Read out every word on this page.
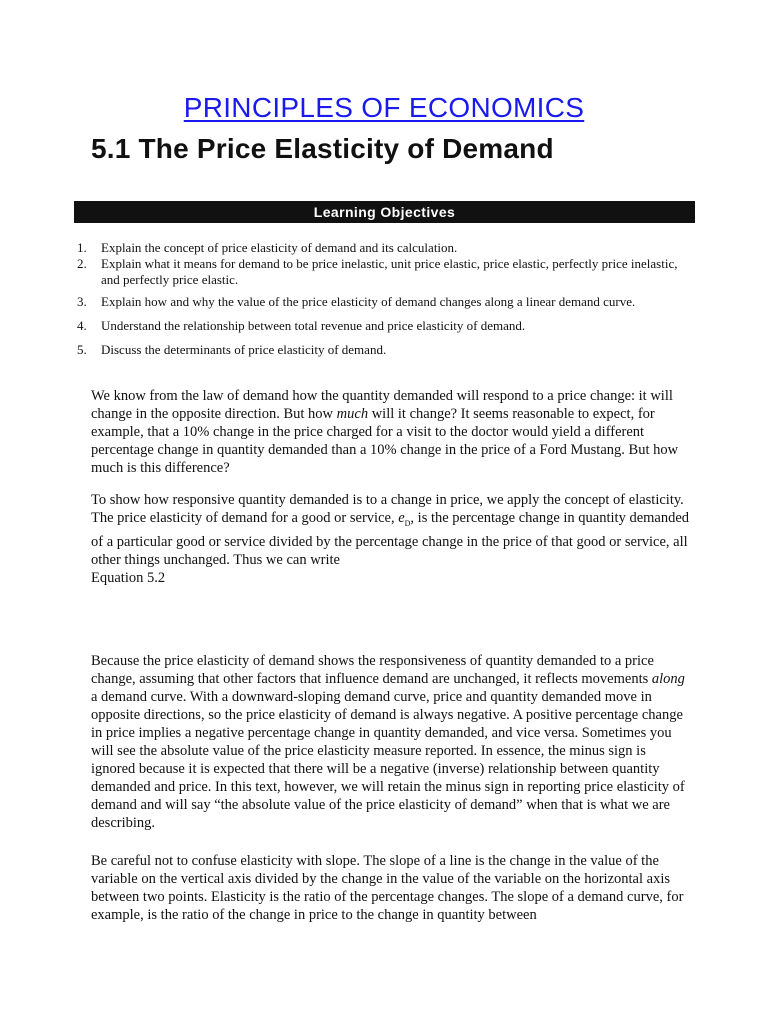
PRINCIPLES OF ECONOMICS
5.1 The Price Elasticity of Demand
Learning Objectives
1.	Explain the concept of price elasticity of demand and its calculation.
2.	Explain what it means for demand to be price inelastic, unit price elastic, price elastic, perfectly price inelastic, and perfectly price elastic.
3.	Explain how and why the value of the price elasticity of demand changes along a linear demand curve.
4.	Understand the relationship between total revenue and price elasticity of demand.
5.	Discuss the determinants of price elasticity of demand.

We know from the law of demand how the quantity demanded will respond to a price change: it will change in the opposite direction. But how much will it change? It seems reasonable to expect, for example, that a 10% change in the price charged for a visit to the doctor would yield a different percentage change in quantity demanded than a 10% change in the price of a Ford Mustang. But how much is this difference?

To show how responsive quantity demanded is to a change in price, we apply the concept of elasticity. The price elasticity of demand for a good or service, $e_D$, is the percentage change in quantity demanded of a particular good or service divided by the percentage change in the price of that good or service, all other things unchanged. Thus we can write
Equation 5.2

Because the price elasticity of demand shows the responsiveness of quantity demanded to a price change, assuming that other factors that influence demand are unchanged, it reflects movements along a demand curve. With a downward-sloping demand curve, price and quantity demanded move in opposite directions, so the price elasticity of demand is always negative. A positive percentage change in price implies a negative percentage change in quantity demanded, and vice versa. Sometimes you will see the absolute value of the price elasticity measure reported. In essence, the minus sign is ignored because it is expected that there will be a negative (inverse) relationship between quantity demanded and price. In this text, however, we will retain the minus sign in reporting price elasticity of demand and will say “the absolute value of the price elasticity of demand” when that is what we are describing.

Be careful not to confuse elasticity with slope. The slope of a line is the change in the value of the variable on the vertical axis divided by the change in the value of the variable on the horizontal axis between two points. Elasticity is the ratio of the percentage changes. The slope of a demand curve, for example, is the ratio of the change in price to the change in quantity between
